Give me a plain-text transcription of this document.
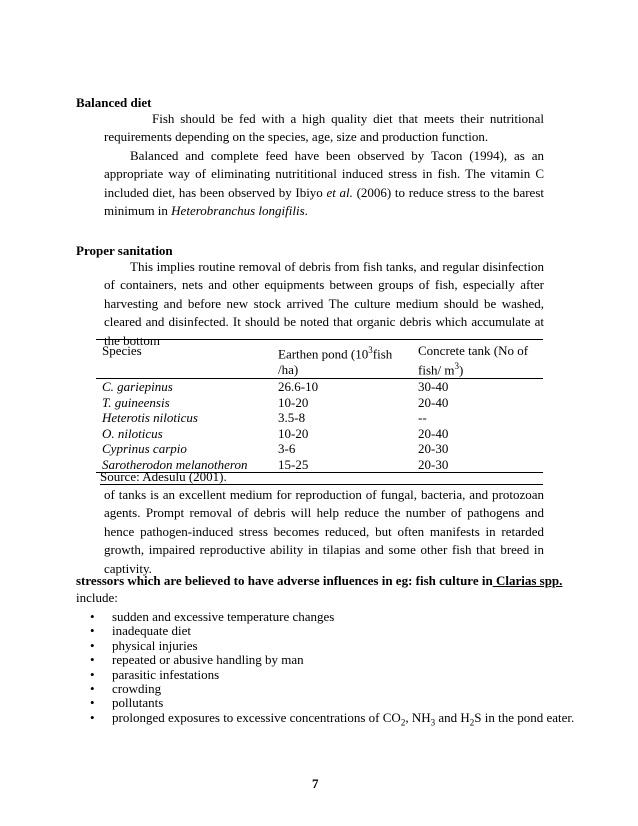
Balanced diet
Fish should be fed with a high quality diet that meets their nutritional requirements depending on the species, age, size and production function.
Balanced and complete feed have been observed by Tacon (1994), as an appropriate way of eliminating nutrititional induced stress in fish. The vitamin C included diet, has been observed by Ibiyo et al. (2006) to reduce stress to the barest minimum in Heterobranchus longifilis.
Proper sanitation
This implies routine removal of debris from fish tanks, and regular disinfection of containers, nets and other equipments between groups of fish, especially after harvesting and before new stock arrived The culture medium should be washed, cleared and disinfected. It should be noted that organic debris which accumulate at the bottom
Species	Earthen pond ($10^3fish$ /ha)	Concrete tank (No of fish/ $m^3$)
C. gariepinus	26.6-10	30-40
T. guineensis	10-20	20-40
Heterotis niloticus	3.5-8	--
O. niloticus	10-20	20-40
Cyprinus carpio	3-6	20-30
Sarotherodon melanotheron	15-25	20-30
Source: Adesulu (2001).
of tanks is an excellent medium for reproduction of fungal, bacteria, and protozoan agents. Prompt removal of debris will help reduce the number of pathogens and hence pathogen-induced stress becomes reduced, but often manifests in retarded growth, impaired reproductive ability in tilapias and some other fish that breed in captivity.
stressors which are believed to have adverse influences in eg: fish culture in Clarias spp.
include:
• sudden and excessive temperature changes
• inadequate diet
• physical injuries
• repeated or abusive handling by man
• parasitic infestations
• crowding
• pollutants
• prolonged exposures to excessive concentrations of $CO_2$, $NH_3$ and $H_2S$ in the pond eater.
7
